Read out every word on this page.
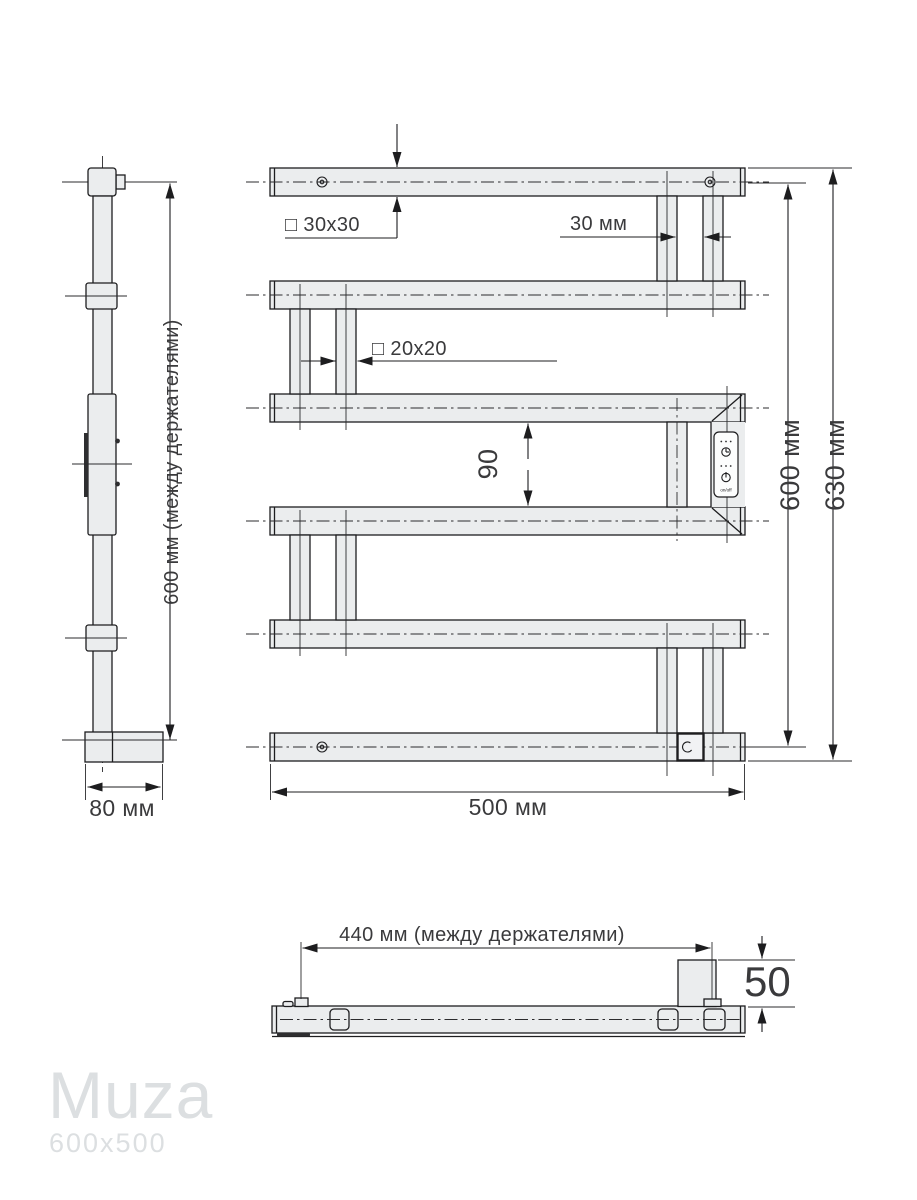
600 мм (между держателями)
80 мм
on/off
□ 30x30	30 мм
□ 20x20
90	600 мм 630 мм
500 мм
440 мм (между держателями)
50
Muza
600x500
